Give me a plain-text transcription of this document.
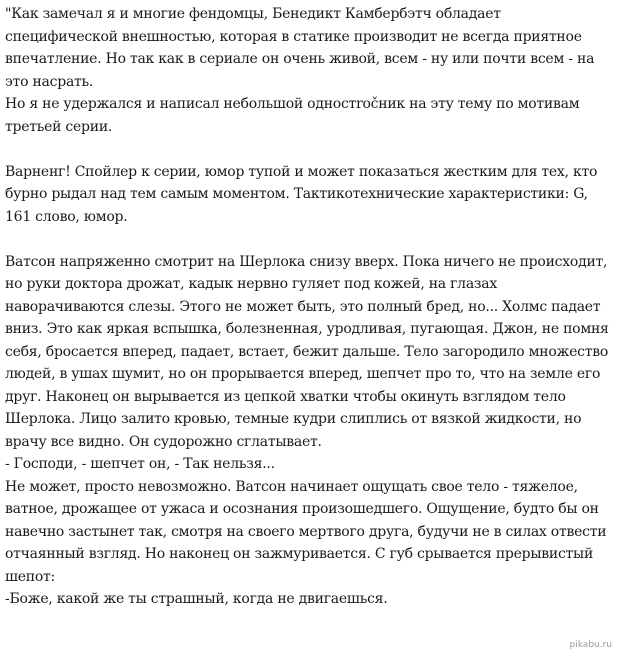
"Как замечал я и многие фендомцы, Бенедикт Камбербэтч обладает специфической внешностью, которая в статике производит не всегда приятное впечатление. Но так как в сериале он очень живой, всем - ну или почти всем - на это насрать.

Но я не удержался и написал небольшой одностročник на эту тему по мотивам третьей серии.

Варненг! Спойлер к серии, юмор тупой и может показаться жестким для тех, кто бурно рыдал над тем самым моментом. Тактикотехнические характеристики: G, 161 слово, юмор.

Ватсон напряженно смотрит на Шерлока снизу вверх. Пока ничего не происходит, но руки доктора дрожат, кадык нервно гуляет под кожей, на глазах наворачиваются слезы. Этого не может быть, это полный бред, но... Холмс падает вниз. Это как яркая вспышка, болезненная, уродливая, пугающая. Джон, не помня себя, бросается вперед, падает, встает, бежит дальше. Тело загородило множество людей, в ушах шумит, но он прорывается вперед, шепчет про то, что на земле его друг. Наконец он вырывается из цепкой хватки чтобы окинуть взглядом тело Шерлока. Лицо залито кровью, темные кудри слиплись от вязкой жидкости, но врачу все видно. Он судорожно сглатывает.

- Господи, - шепчет он, - Так нельзя...

Не может, просто невозможно. Ватсон начинает ощущать свое тело - тяжелое, ватное, дрожащее от ужаса и осознания произошедшего. Ощущение, будто бы он навечно застынет так, смотря на своего мертвого друга, будучи не в силах отвести отчаянный взгляд. Но наконец он зажмуривается. С губ срывается прерывистый шепот:

-Боже, какой же ты страшный, когда не двигаешься.

pikabu.ru
